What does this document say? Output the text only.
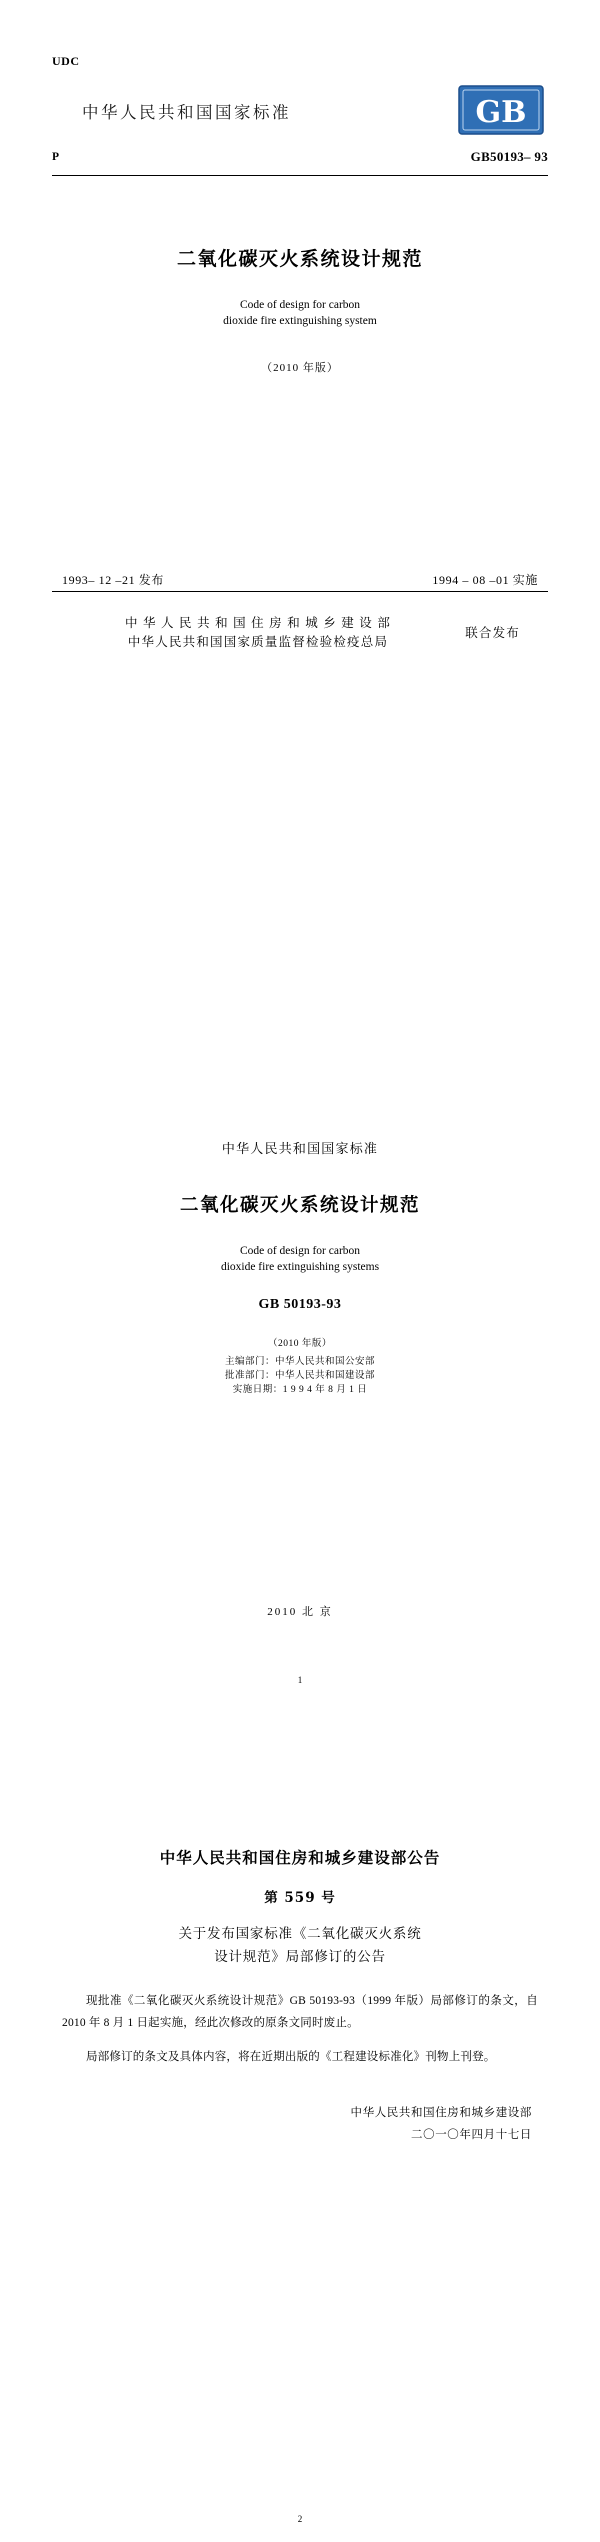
UDC
中华人民共和国国家标准	GB
P	GB50193– 93
二氧化碳灭火系统设计规范
Code of design for carbon
dioxide fire extinguishing system
（2010 年版）
1993– 12 –21 发布	1994 – 08 –01 实施
中 华 人 民 共 和 国 住 房 和 城 乡 建 设 部
中华人民共和国国家质量监督检验检疫总局
联合发布
中华人民共和国国家标准
二氧化碳灭火系统设计规范
Code of design for carbon
dioxide fire extinguishing systems
GB 50193-93
（2010 年版）
主编部门：中华人民共和国公安部
批准部门：中华人民共和国建设部
实施日期：1 9 9 4 年 8 月 1 日
2010 北 京
1
中华人民共和国住房和城乡建设部公告
第 559 号
关于发布国家标准《二氧化碳灭火系统
设计规范》局部修订的公告

现批准《二氧化碳灭火系统设计规范》GB 50193-93（1999 年版）局部修订的条文，自 2010 年 8 月 1 日起实施，经此次修改的原条文同时废止。

局部修订的条文及具体内容，将在近期出版的《工程建设标准化》刊物上刊登。

中华人民共和国住房和城乡建设部
二〇一〇年四月十七日
2
